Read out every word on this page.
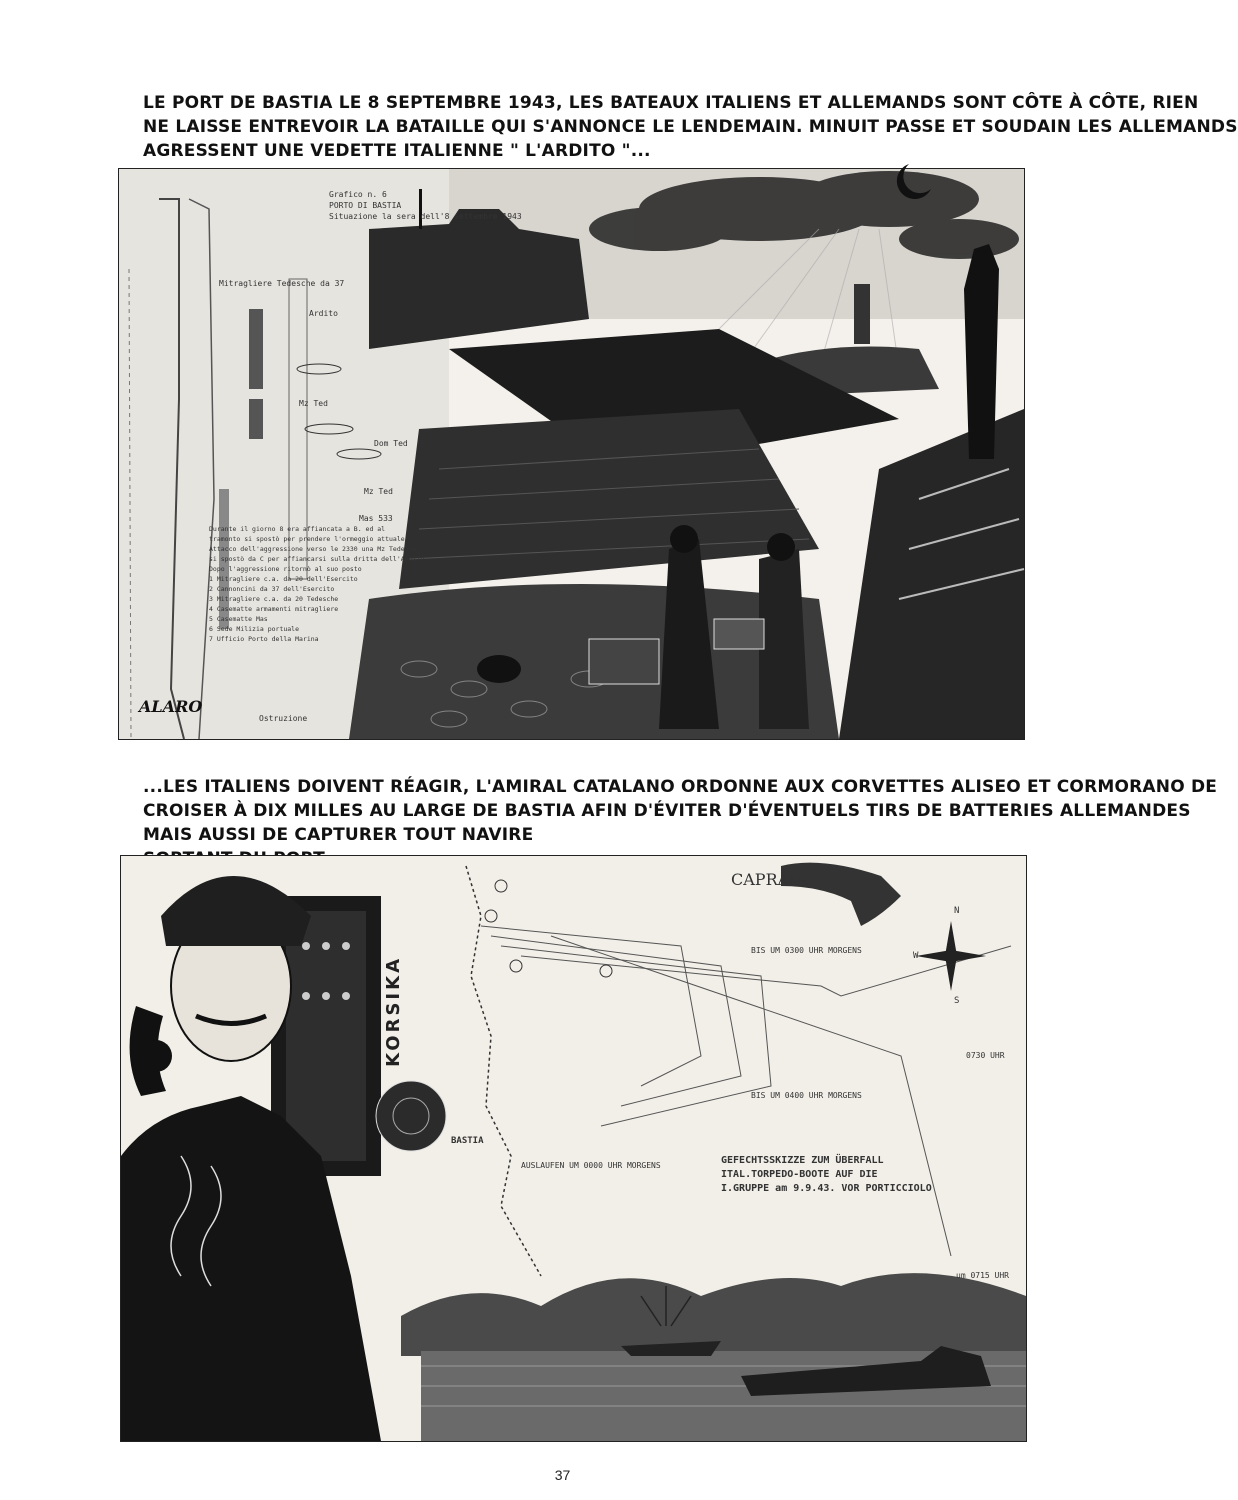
LE PORT DE BASTIA LE 8 SEPTEMBRE 1943, LES BATEAUX ITALIENS ET ALLEMANDS SONT CÔTE À CÔTE, RIEN
NE LAISSE ENTREVOIR LA BATAILLE QUI S'ANNONCE LE LENDEMAIN. MINUIT PASSE ET SOUDAIN LES ALLEMANDS
AGRESSENT UNE VEDETTE ITALIENNE " L'ARDITO "...
Grafico n. 6
PORTO DI BASTIA
Situazione la sera dell'8 settembre 1943
Mitragliere Tedesche da 37
Ardito
Mz Ted
Mz Ted
Mas 533
Dom Ted
Ostruzione
Durante il giorno 8 era affiancata a B. ed al
tramonto si spostò per prendere l'ormeggio attuale
Attacco dell'aggressione verso le 2330 una Mz Tedesca
si spostò da C per affiancarsi sulla dritta dell'ARDITO
Dopo l'aggressione ritornò al suo posto
1 Mitragliere c.a. da 20 dell'Esercito
2 Cannoncini da 37 dell'Esercito
3 Mitragliere c.a. da 20 Tedesche
4 Casematte armamenti mitragliere
5 Casematte Mas
6 Sede Milizia portuale
7 Ufficio Porto della Marina
ALARO
...LES ITALIENS DOIVENT RÉAGIR, L'AMIRAL CATALANO ORDONNE AUX CORVETTES ALISEO ET CORMORANO DE
CROISER À DIX MILLES AU LARGE DE BASTIA AFIN D'ÉVITER D'ÉVENTUELS TIRS DE BATTERIES ALLEMANDES
MAIS AUSSI DE CAPTURER TOUT NAVIRE
CAPRAIA
KORSIKA
BASTIA
BIS UM 0300 UHR MORGENS
BIS UM 0400 UHR MORGENS
AUSLAUFEN UM 0000 UHR MORGENS
0730 UHR
um 0715 UHR
GEFECHTSSKIZZE ZUM ÜBERFALL
ITAL.TORPEDO-BOOTE AUF DIE
I.GRUPPE am 9.9.43. VOR PORTICCIOLO
N
S
W
37
